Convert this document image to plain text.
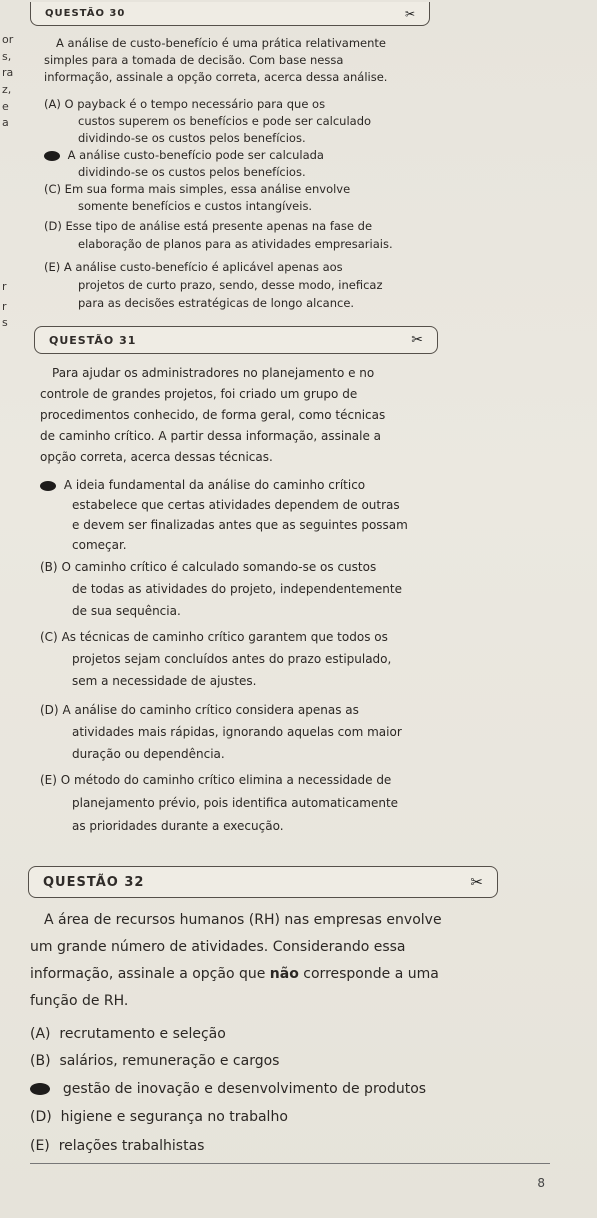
or
s,
ra
z,
e
a
r
r
s
QUESTÃO 30	✂
A análise de custo-benefício é uma prática relativamente
simples para a tomada de decisão. Com base nessa
informação, assinale a opção correta, acerca dessa análise.
(A) O payback é o tempo necessário para que os
custos superem os benefícios e pode ser calculado
dividindo-se os custos pelos benefícios.
A análise custo-benefício pode ser calculada
dividindo-se os custos pelos benefícios.
(C) Em sua forma mais simples, essa análise envolve
somente benefícios e custos intangíveis.
(D) Esse tipo de análise está presente apenas na fase de
elaboração de planos para as atividades empresariais.
(E) A análise custo-benefício é aplicável apenas aos
projetos de curto prazo, sendo, desse modo, ineficaz
para as decisões estratégicas de longo alcance.
QUESTÃO 31	✂
Para ajudar os administradores no planejamento e no
controle de grandes projetos, foi criado um grupo de
procedimentos conhecido, de forma geral, como técnicas
de caminho crítico. A partir dessa informação, assinale a
opção correta, acerca dessas técnicas.
A ideia fundamental da análise do caminho crítico
estabelece que certas atividades dependem de outras
e devem ser finalizadas antes que as seguintes possam
começar.
(B) O caminho crítico é calculado somando-se os custos
de todas as atividades do projeto, independentemente
de sua sequência.
(C) As técnicas de caminho crítico garantem que todos os
projetos sejam concluídos antes do prazo estipulado,
sem a necessidade de ajustes.
(D) A análise do caminho crítico considera apenas as
atividades mais rápidas, ignorando aquelas com maior
duração ou dependência.
(E) O método do caminho crítico elimina a necessidade de
planejamento prévio, pois identifica automaticamente
as prioridades durante a execução.
QUESTÃO 32	✂
A área de recursos humanos (RH) nas empresas envolve
um grande número de atividades. Considerando essa
informação, assinale a opção que não corresponde a uma
função de RH.
(A) recrutamento e seleção
(B) salários, remuneração e cargos
gestão de inovação e desenvolvimento de produtos
(D) higiene e segurança no trabalho
(E) relações trabalhistas
8
